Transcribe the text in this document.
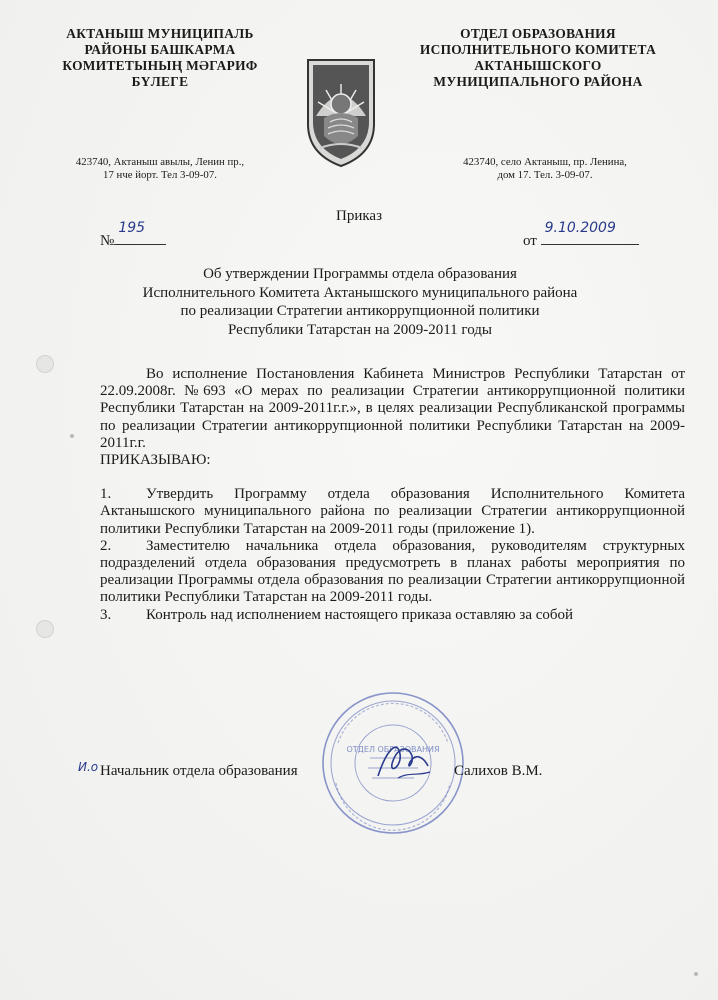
АКТАНЫШ МУНИЦИПАЛЬ
РАЙОНЫ БАШКАРМА
КОМИТЕТЫНЫҢ МӘГАРИФ
БҮЛЕГЕ
ОТДЕЛ ОБРАЗОВАНИЯ
ИСПОЛНИТЕЛЬНОГО КОМИТЕТА
АКТАНЫШСКОГО
МУНИЦИПАЛЬНОГО РАЙОНА
423740, Актаныш авылы, Ленин пр.,
17 нче йорт. Тел 3-09-07.
423740, село Актаныш, пр. Ленина,
дом 17. Тел. 3-09-07.
Приказ
№
195
от
9.10.2009
Об утверждении Программы отдела образования
Исполнительного Комитета Актанышского муниципального района
по реализации Стратегии антикоррупционной политики
Республики Татарстан на 2009-2011 годы

Во исполнение Постановления Кабинета Министров Республики Татарстан от 22.09.2008г. №693 «О мерах по реализации Стратегии антикоррупционной политики Республики Татарстан на 2009-2011г.г.», в целях реализации Республиканской программы по реализации Стратегии антикоррупционной политики Республики Татарстан на 2009-2011г.г.

ПРИКАЗЫВАЮ:

1. Утвердить Программу отдела образования Исполнительного Комитета Актанышского муниципального района по реализации Стратегии антикоррупционной политики Республики Татарстан на 2009-2011 годы (приложение 1).
2. Заместителю начальника отдела образования, руководителям структурных подразделений отдела образования предусмотреть в планах работы мероприятия по реализации Программы отдела образования по реализации Стратегии антикоррупционной политики Республики Татарстан на 2009-2011 годы.
3. Контроль над исполнением настоящего приказа оставляю за собой
ОТДЕЛ ОБРАЗОВАНИЯ
И.о Начальник отдела образования	Салихов В.М.
